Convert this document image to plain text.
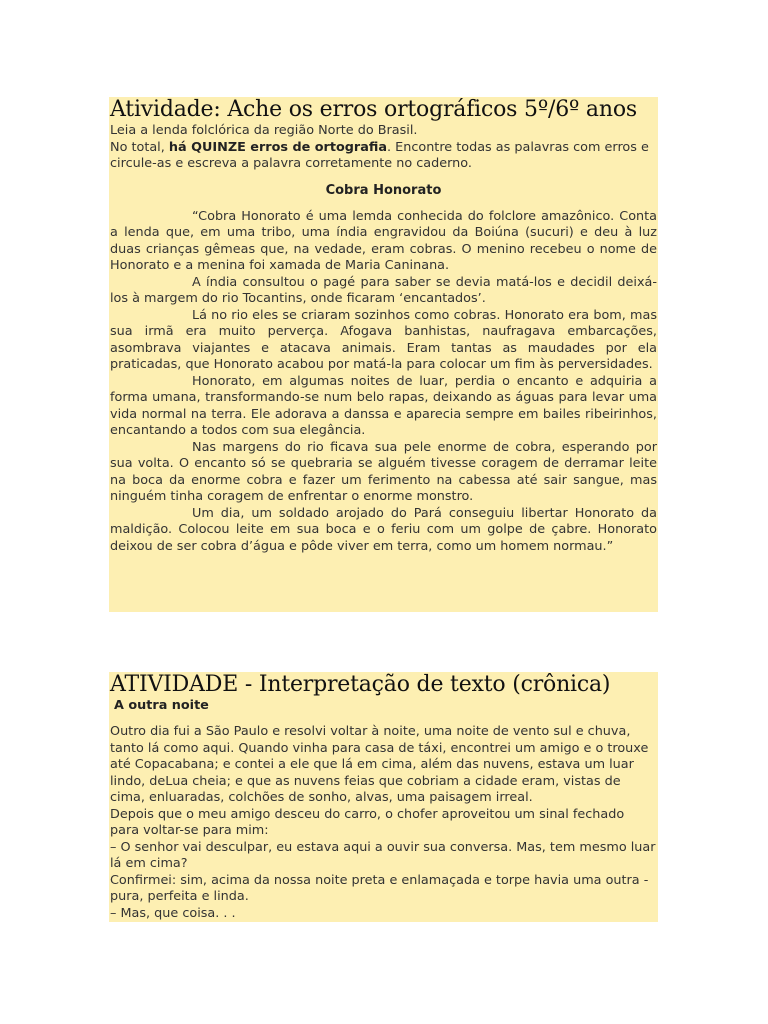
Atividade: Ache os erros ortográficos 5º/6º anos

Leia a lenda folclórica da região Norte do Brasil.

No total, há QUINZE erros de ortografia. Encontre todas as palavras com erros e circule-as e escreva a palavra corretamente no caderno.

Cobra Honorato

“Cobra Honorato é uma lemda conhecida do folclore amazônico. Conta a lenda que, em uma tribo, uma índia engravidou da Boiúna (sucuri) e deu à luz duas crianças gêmeas que, na vedade, eram cobras. O menino recebeu o nome de Honorato e a menina foi xamada de Maria Caninana.

A índia consultou o pagé para saber se devia matá-los e decidil deixá-los à margem do rio Tocantins, onde ficaram ‘encantados’.

Lá no rio eles se criaram sozinhos como cobras. Honorato era bom, mas sua irmã era muito perverça. Afogava banhistas, naufragava embarcações, asombrava viajantes e atacava animais. Eram tantas as maudades por ela praticadas, que Honorato acabou por matá-la para colocar um fim às perversidades.

Honorato, em algumas noites de luar, perdia o encanto e adquiria a forma umana, transformando-se num belo rapas, deixando as águas para levar uma vida normal na terra. Ele adorava a danssa e aparecia sempre em bailes ribeirinhos, encantando a todos com sua elegância.

Nas margens do rio ficava sua pele enorme de cobra, esperando por sua volta. O encanto só se quebraria se alguém tivesse coragem de derramar leite na boca da enorme cobra e fazer um ferimento na cabessa até sair sangue, mas ninguém tinha coragem de enfrentar o enorme monstro.

Um dia, um soldado arojado do Pará conseguiu libertar Honorato da maldição. Colocou leite em sua boca e o feriu com um golpe de çabre. Honorato deixou de ser cobra d’água e pôde viver em terra, como um homem normau.”

ATIVIDADE - Interpretação de texto (crônica)
A outra noite

Outro dia fui a São Paulo e resolvi voltar à noite, uma noite de vento sul e chuva, tanto lá como aqui. Quando vinha para casa de táxi, encontrei um amigo e o trouxe até Copacabana; e contei a ele que lá em cima, além das nuvens, estava um luar lindo, deLua cheia; e que as nuvens feias que cobriam a cidade eram, vistas de cima, enluaradas, colchões de sonho, alvas, uma paisagem irreal.

Depois que o meu amigo desceu do carro, o chofer aproveitou um sinal fechado para voltar-se para mim:

– O senhor vai desculpar, eu estava aqui a ouvir sua conversa. Mas, tem mesmo luar lá em cima?

Confirmei: sim, acima da nossa noite preta e enlamaçada e torpe havia uma outra - pura, perfeita e linda.

– Mas, que coisa. . .
